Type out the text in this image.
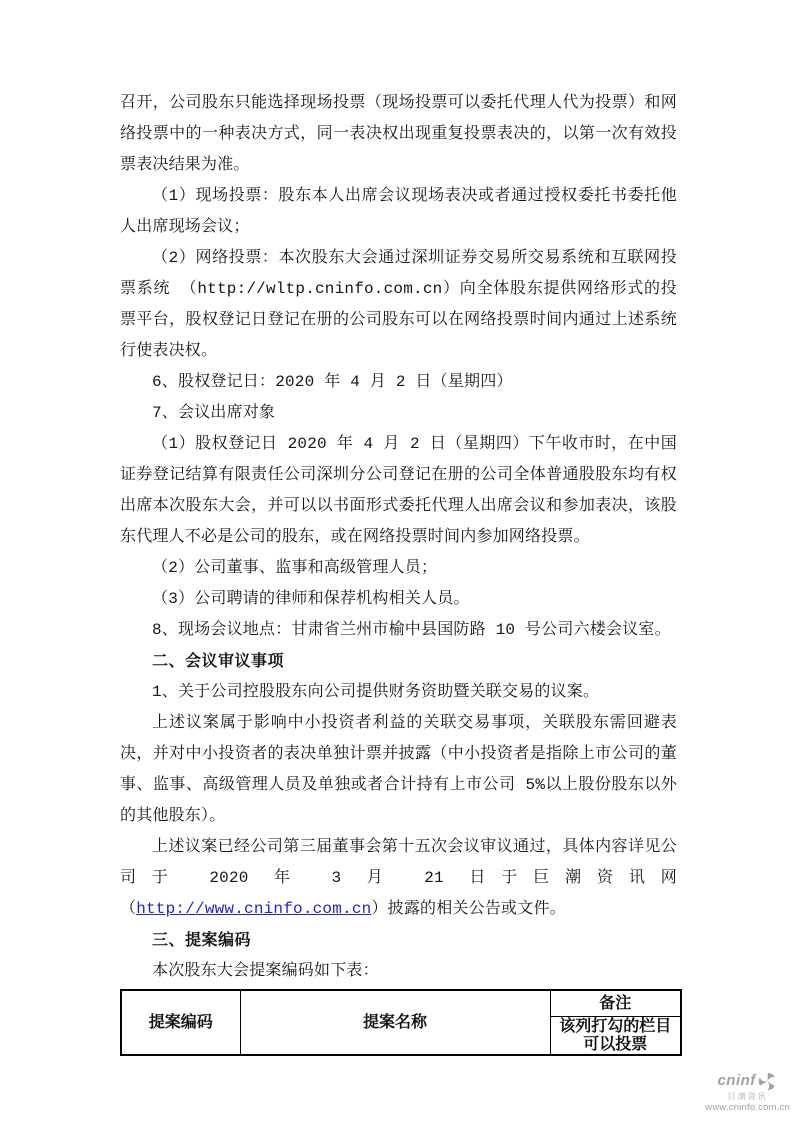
召开，公司股东只能选择现场投票（现场投票可以委托代理人代为投票）和网络投票中的一种表决方式，同一表决权出现重复投票表决的，以第一次有效投票表决结果为准。

（1）现场投票：股东本人出席会议现场表决或者通过授权委托书委托他人出席现场会议；

（2）网络投票：本次股东大会通过深圳证券交易所交易系统和互联网投票系统 （http://wltp.cninfo.com.cn）向全体股东提供网络形式的投票平台，股权登记日登记在册的公司股东可以在网络投票时间内通过上述系统行使表决权。

6、股权登记日：2020 年 4 月 2 日（星期四）

7、会议出席对象

（1）股权登记日 2020 年 4 月 2 日（星期四）下午收市时，在中国证券登记结算有限责任公司深圳分公司登记在册的公司全体普通股股东均有权出席本次股东大会，并可以以书面形式委托代理人出席会议和参加表决，该股东代理人不必是公司的股东，或在网络投票时间内参加网络投票。

（2）公司董事、监事和高级管理人员；

（3）公司聘请的律师和保荐机构相关人员。

8、现场会议地点：甘肃省兰州市榆中县国防路 10 号公司六楼会议室。

二、会议审议事项

1、关于公司控股股东向公司提供财务资助暨关联交易的议案。

上述议案属于影响中小投资者利益的关联交易事项，关联股东需回避表决，并对中小投资者的表决单独计票并披露（中小投资者是指除上市公司的董事、监事、高级管理人员及单独或者合计持有上市公司 5%以上股份股东以外的其他股东）。

上述议案已经公司第三届董事会第十五次会议审议通过，具体内容详见公司于 2020 年 3 月 21 日于巨潮资讯网（http://www.cninfo.com.cn）披露的相关公告或文件。

三、提案编码

本次股东大会提案编码如下表：

提案编码	提案名称	备注
该列打勾的栏目可以投票
cninf
巨潮资讯
www.cninfo.com.cn
